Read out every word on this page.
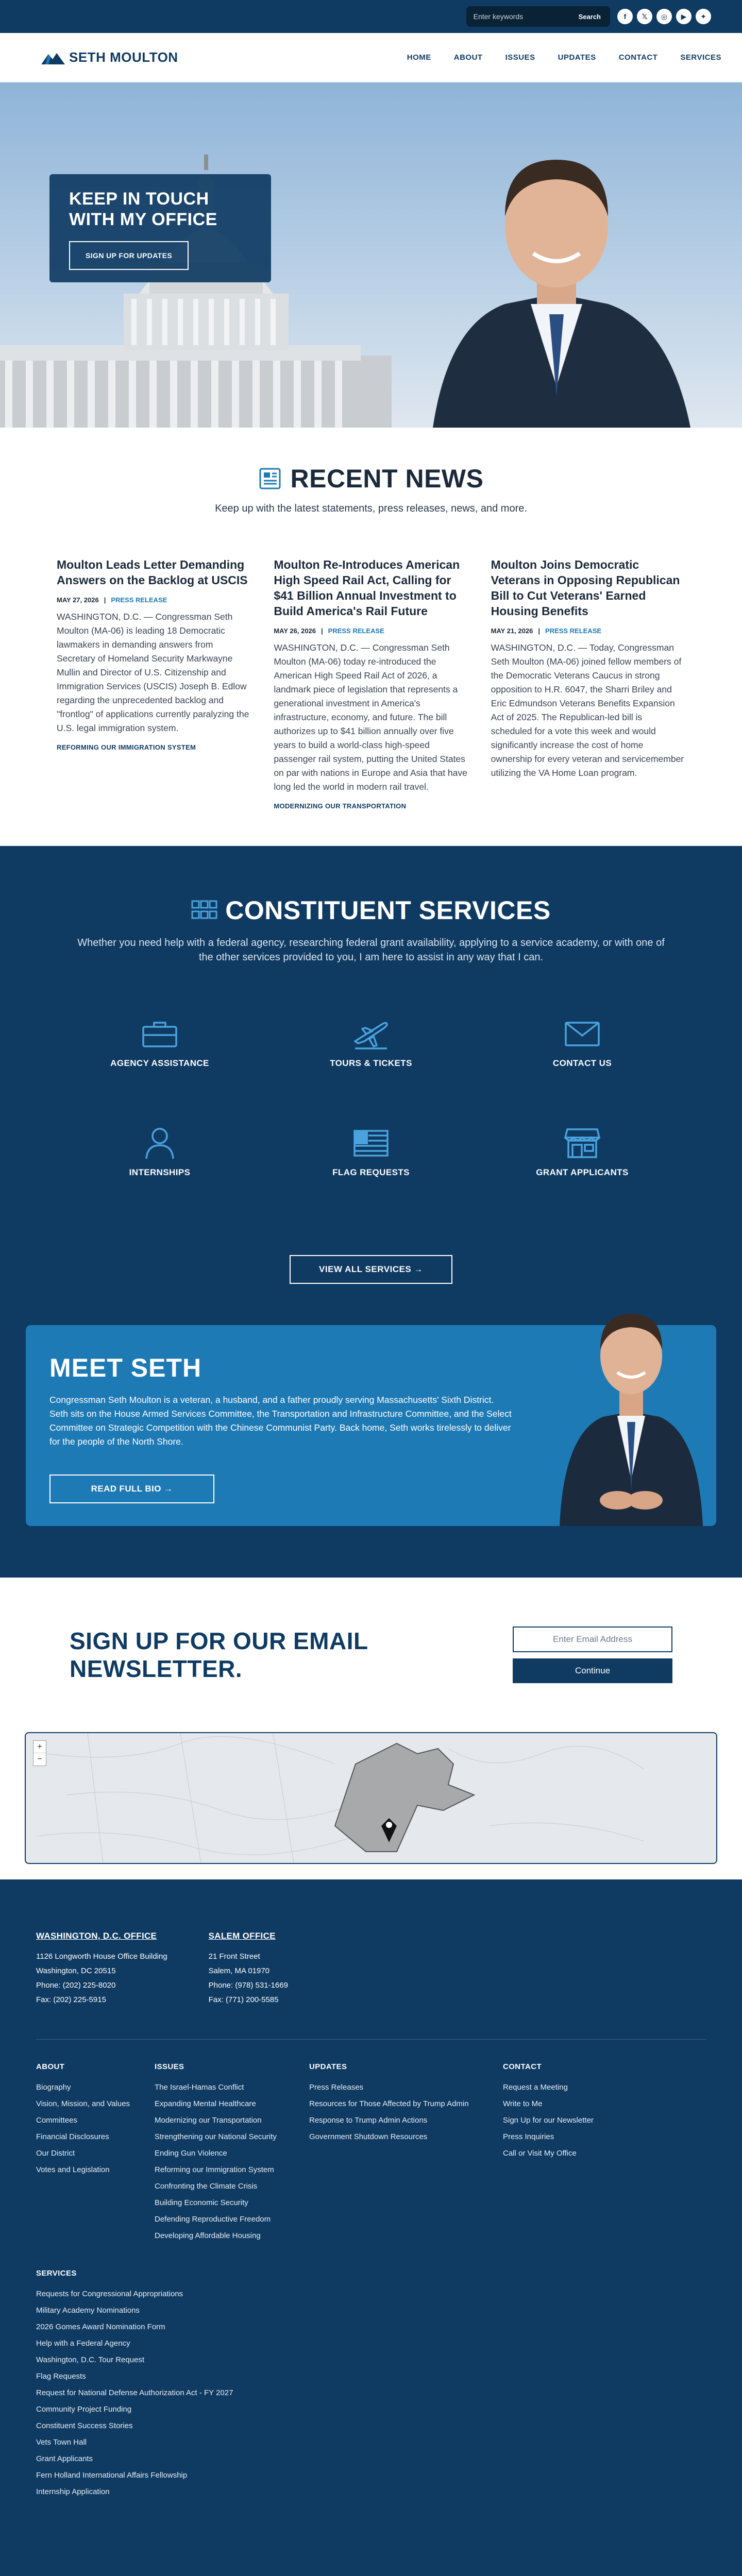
Enter keywords
Search	f	𝕏	◎	▶	✦
SETH MOULTON	HOME	ABOUT	ISSUES	UPDATES	CONTACT	SERVICES
KEEP IN TOUCH WITH MY OFFICE
SIGN UP FOR UPDATES
RECENT NEWS
Keep up with the latest statements, press releases, news, and more.
Moulton Leads Letter Demanding Answers on the Backlog at USCIS
MAY 27, 2026 | PRESS RELEASE

WASHINGTON, D.C. — Congressman Seth Moulton (MA-06) is leading 18 Democratic lawmakers in demanding answers from Secretary of Homeland Security Markwayne Mullin and Director of U.S. Citizenship and Immigration Services (USCIS) Joseph B. Edlow regarding the unprecedented backlog and "frontlog" of applications currently paralyzing the U.S. legal immigration system.

REFORMING OUR IMMIGRATION SYSTEM
Moulton Re-Introduces American High Speed Rail Act, Calling for $41 Billion Annual Investment to Build America's Rail Future
MAY 26, 2026 | PRESS RELEASE

WASHINGTON, D.C. — Congressman Seth Moulton (MA-06) today re-introduced the American High Speed Rail Act of 2026, a landmark piece of legislation that represents a generational investment in America's infrastructure, economy, and future. The bill authorizes up to $41 billion annually over five years to build a world-class high-speed passenger rail system, putting the United States on par with nations in Europe and Asia that have long led the world in modern rail travel.

MODERNIZING OUR TRANSPORTATION
Moulton Joins Democratic Veterans in Opposing Republican Bill to Cut Veterans' Earned Housing Benefits
MAY 21, 2026 | PRESS RELEASE

WASHINGTON, D.C. — Today, Congressman Seth Moulton (MA-06) joined fellow members of the Democratic Veterans Caucus in strong opposition to H.R. 6047, the Sharri Briley and Eric Edmundson Veterans Benefits Expansion Act of 2025. The Republican-led bill is scheduled for a vote this week and would significantly increase the cost of home ownership for every veteran and servicemember utilizing the VA Home Loan program.

CONSTITUENT SERVICES
Whether you need help with a federal agency, researching federal grant availability, applying to a service academy, or with one of the other services provided to you, I am here to assist in any way that I can.
AGENCY ASSISTANCE	TOURS & TICKETS	CONTACT US
INTERNSHIPS	FLAG REQUESTS	GRANT APPLICANTS
VIEW ALL SERVICES →
MEET SETH

Congressman Seth Moulton is a veteran, a husband, and a father proudly serving Massachusetts' Sixth District. Seth sits on the House Armed Services Committee, the Transportation and Infrastructure Committee, and the Select Committee on Strategic Competition with the Chinese Communist Party. Back home, Seth works tirelessly to deliver for the people of the North Shore.

READ FULL BIO →
SIGN UP FOR OUR EMAIL NEWSLETTER.
Enter Email Address	Continue
+
−
WASHINGTON, D.C. OFFICE
1126 Longworth House Office Building
Washington, DC 20515
Phone: (202) 225-8020
Fax: (202) 225-5915
SALEM OFFICE
21 Front Street
Salem, MA 01970
Phone: (978) 531-1669
Fax: (771) 200-5585
ABOUT
Biography
Vision, Mission, and Values
Committees
Financial Disclosures
Our District
Votes and Legislation
ISSUES
The Israel-Hamas Conflict
Expanding Mental Healthcare
Modernizing our Transportation
Strengthening our National Security
Ending Gun Violence
Reforming our Immigration System
Confronting the Climate Crisis
Building Economic Security
Defending Reproductive Freedom
Developing Affordable Housing
UPDATES
Press Releases
Resources for Those Affected by Trump Admin
Response to Trump Admin Actions
Government Shutdown Resources
CONTACT
Request a Meeting
Write to Me
Sign Up for our Newsletter
Press Inquiries
Call or Visit My Office
SERVICES
Requests for Congressional Appropriations
Military Academy Nominations
2026 Gomes Award Nomination Form
Help with a Federal Agency
Washington, D.C. Tour Request
Flag Requests
Request for National Defense Authorization Act - FY 2027
Community Project Funding
Constituent Success Stories
Vets Town Hall
Grant Applicants
Fern Holland International Affairs Fellowship
Internship Application
